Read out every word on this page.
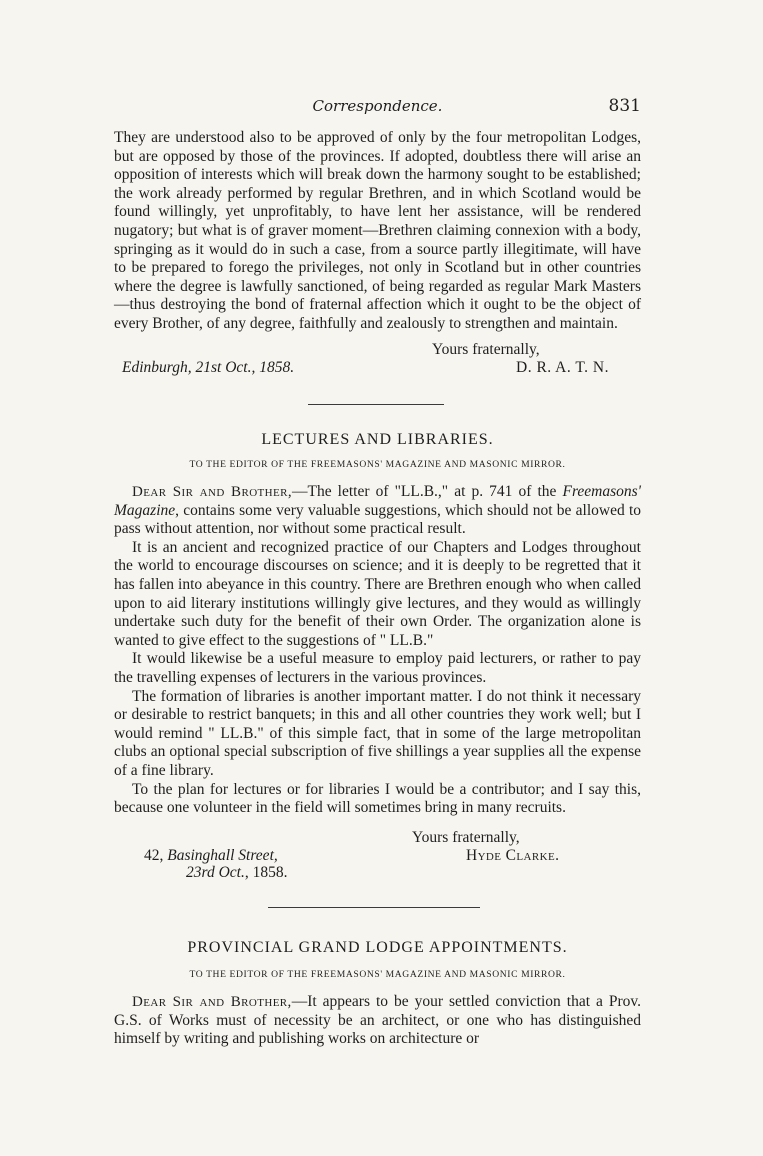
Correspondence.	831

They are understood also to be approved of only by the four metropolitan Lodges, but are opposed by those of the provinces. If adopted, doubtless there will arise an opposition of interests which will break down the harmony sought to be established; the work already performed by regular Brethren, and in which Scotland would be found willingly, yet unprofitably, to have lent her assistance, will be rendered nugatory; but what is of graver moment—Brethren claiming connexion with a body, springing as it would do in such a case, from a source partly illegitimate, will have to be prepared to forego the privileges, not only in Scotland but in other countries where the degree is lawfully sanctioned, of being regarded as regular Mark Masters—thus destroying the bond of fraternal affection which it ought to be the object of every Brother, of any degree, faithfully and zealously to strengthen and maintain.

Yours fraternally,
Edinburgh, 21st Oct., 1858.	D. R. A. T. N.
LECTURES AND LIBRARIES.
TO THE EDITOR OF THE FREEMASONS' MAGAZINE AND MASONIC MIRROR.

Dear Sir and Brother,—The letter of "LL.B.," at p. 741 of the Freemasons' Magazine, contains some very valuable suggestions, which should not be allowed to pass without attention, nor without some practical result.

It is an ancient and recognized practice of our Chapters and Lodges throughout the world to encourage discourses on science; and it is deeply to be regretted that it has fallen into abeyance in this country. There are Brethren enough who when called upon to aid literary institutions willingly give lectures, and they would as willingly undertake such duty for the benefit of their own Order. The organization alone is wanted to give effect to the suggestions of " LL.B."

It would likewise be a useful measure to employ paid lecturers, or rather to pay the travelling expenses of lecturers in the various provinces.

The formation of libraries is another important matter. I do not think it necessary or desirable to restrict banquets; in this and all other countries they work well; but I would remind " LL.B." of this simple fact, that in some of the large metropolitan clubs an optional special subscription of five shillings a year supplies all the expense of a fine library.

To the plan for lectures or for libraries I would be a contributor; and I say this, because one volunteer in the field will sometimes bring in many recruits.

Yours fraternally,
42, Basinghall Street,	Hyde Clarke.
23rd Oct., 1858.
PROVINCIAL GRAND LODGE APPOINTMENTS.
TO THE EDITOR OF THE FREEMASONS' MAGAZINE AND MASONIC MIRROR.

Dear Sir and Brother,—It appears to be your settled conviction that a Prov. G.S. of Works must of necessity be an architect, or one who has distinguished himself by writing and publishing works on architecture or
